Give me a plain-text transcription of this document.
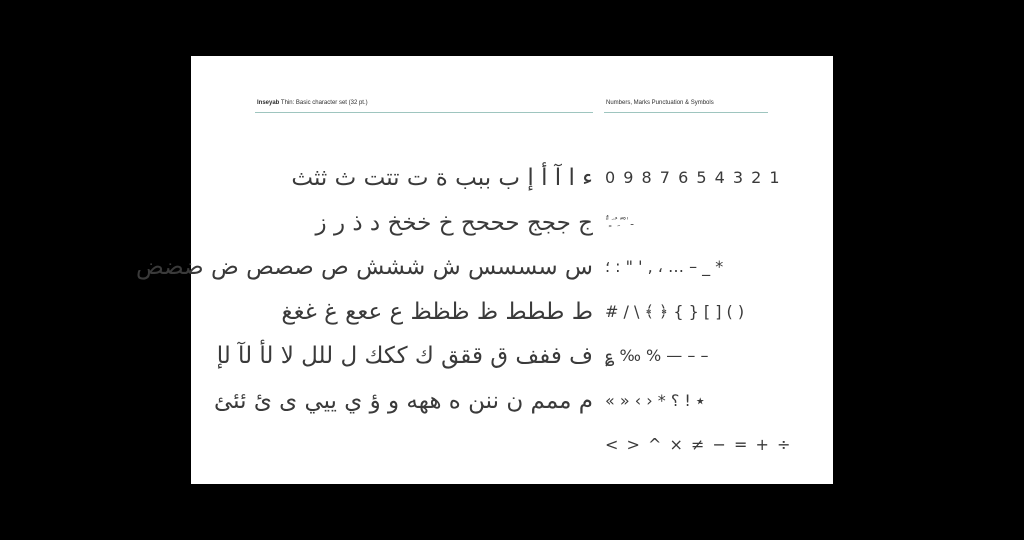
Inseyab Thin: Basic character set (32 pt.)	Numbers, Marks Punctuation & Symbols
ء ا آ أ إ ب ببب ة ت تتت ث ثثث
ج ججج حححح خ خخخ د ذ ر ز
س سسسس ش ششش ص صصص ض ضضض
ط ططط ظ ظظظ ع ععع غ غغغ
ف ففف ق ققق ك ككك ل للل لا لأ لآ لإ
م ممم ن ننن ه ههه و ؤ ي ييي ى ئ ئئئ
0 9 8 7 6 5 4 3 2 1
ً ٌ ٍ َ ُ ِ ّ ْ ٰ ـ
؛ : " ' , ، … – _ *
# / \ ﴾ ﴿ { } [ ] ( )
؏ ‰ % — – –
« » ‹ › * ٭ ! ؟
< > ^ × ≠ − = + ÷
